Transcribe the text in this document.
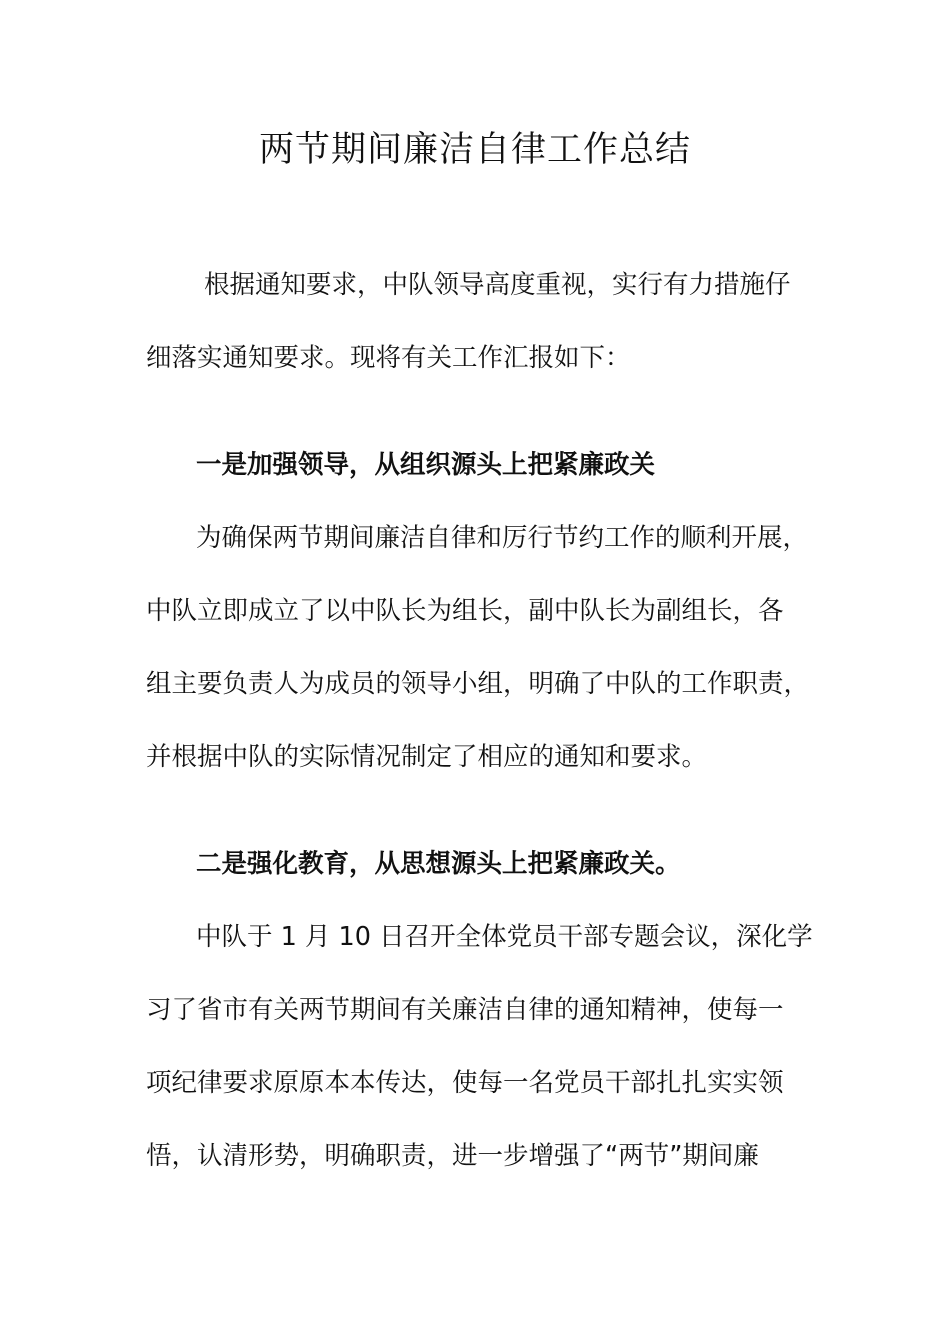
两节期间廉洁自律工作总结

根据通知要求，中队领导高度重视，实行有力措施仔

细落实通知要求。现将有关工作汇报如下：

一是加强领导，从组织源头上把紧廉政关

为确保两节期间廉洁自律和厉行节约工作的顺利开展，

中队立即成立了以中队长为组长，副中队长为副组长，各

组主要负责人为成员的领导小组，明确了中队的工作职责，

并根据中队的实际情况制定了相应的通知和要求。

二是强化教育，从思想源头上把紧廉政关。

中队于 1 月 10 日召开全体党员干部专题会议，深化学

习了省市有关两节期间有关廉洁自律的通知精神，使每一

项纪律要求原原本本传达，使每一名党员干部扎扎实实领

悟，认清形势，明确职责，进一步增强了“两节”期间廉
